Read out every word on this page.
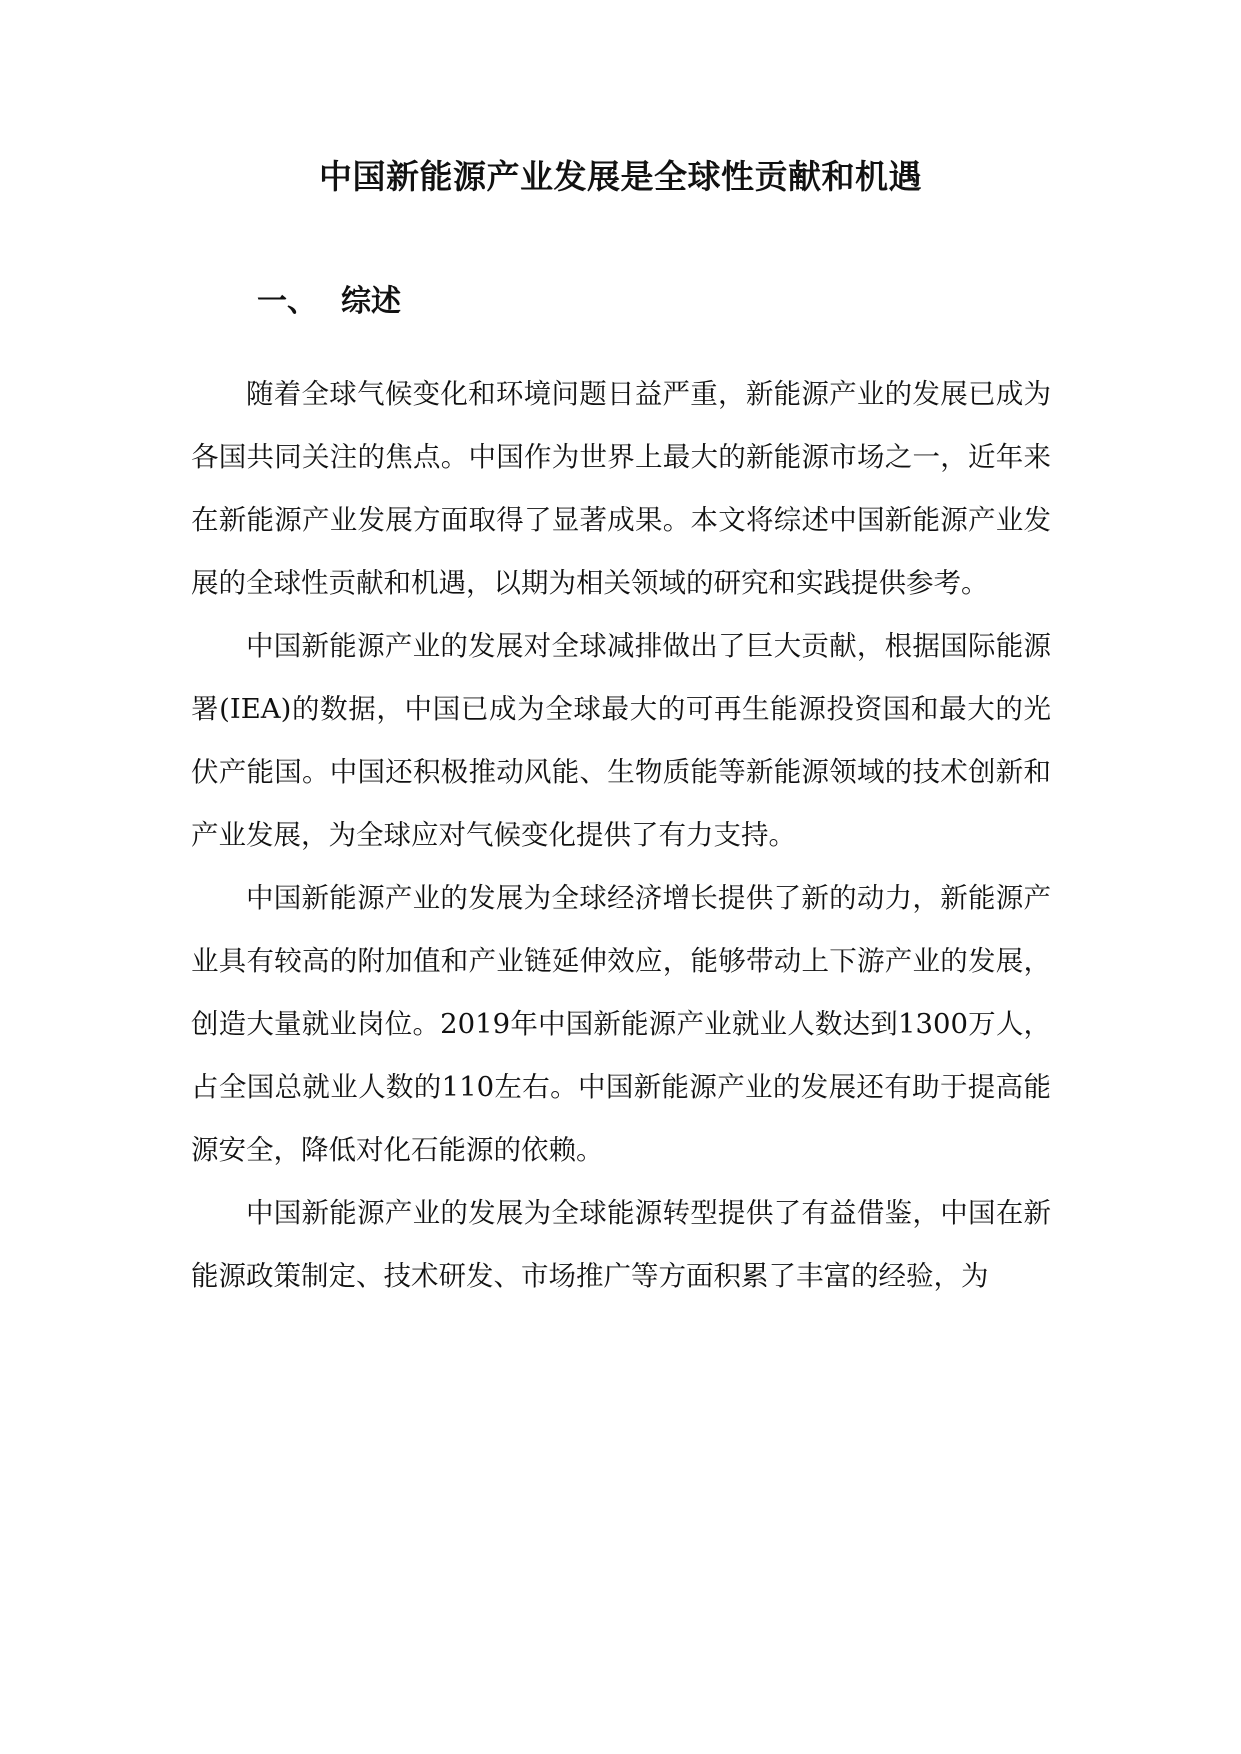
中国新能源产业发展是全球性贡献和机遇
一、 综述

随着全球气候变化和环境问题日益严重，新能源产业的发展已成为各国共同关注的焦点。中国作为世界上最大的新能源市场之一，近年来在新能源产业发展方面取得了显著成果。本文将综述中国新能源产业发展的全球性贡献和机遇，以期为相关领域的研究和实践提供参考。

中国新能源产业的发展对全球减排做出了巨大贡献，根据国际能源署(IEA)的数据，中国已成为全球最大的可再生能源投资国和最大的光伏产能国。中国还积极推动风能、生物质能等新能源领域的技术创新和产业发展，为全球应对气候变化提供了有力支持。

中国新能源产业的发展为全球经济增长提供了新的动力，新能源产业具有较高的附加值和产业链延伸效应，能够带动上下游产业的发展，创造大量就业岗位。2019年中国新能源产业就业人数达到1300万人，占全国总就业人数的110左右。中国新能源产业的发展还有助于提高能源安全，降低对化石能源的依赖。

中国新能源产业的发展为全球能源转型提供了有益借鉴，中国在新能源政策制定、技术研发、市场推广等方面积累了丰富的经验，为
